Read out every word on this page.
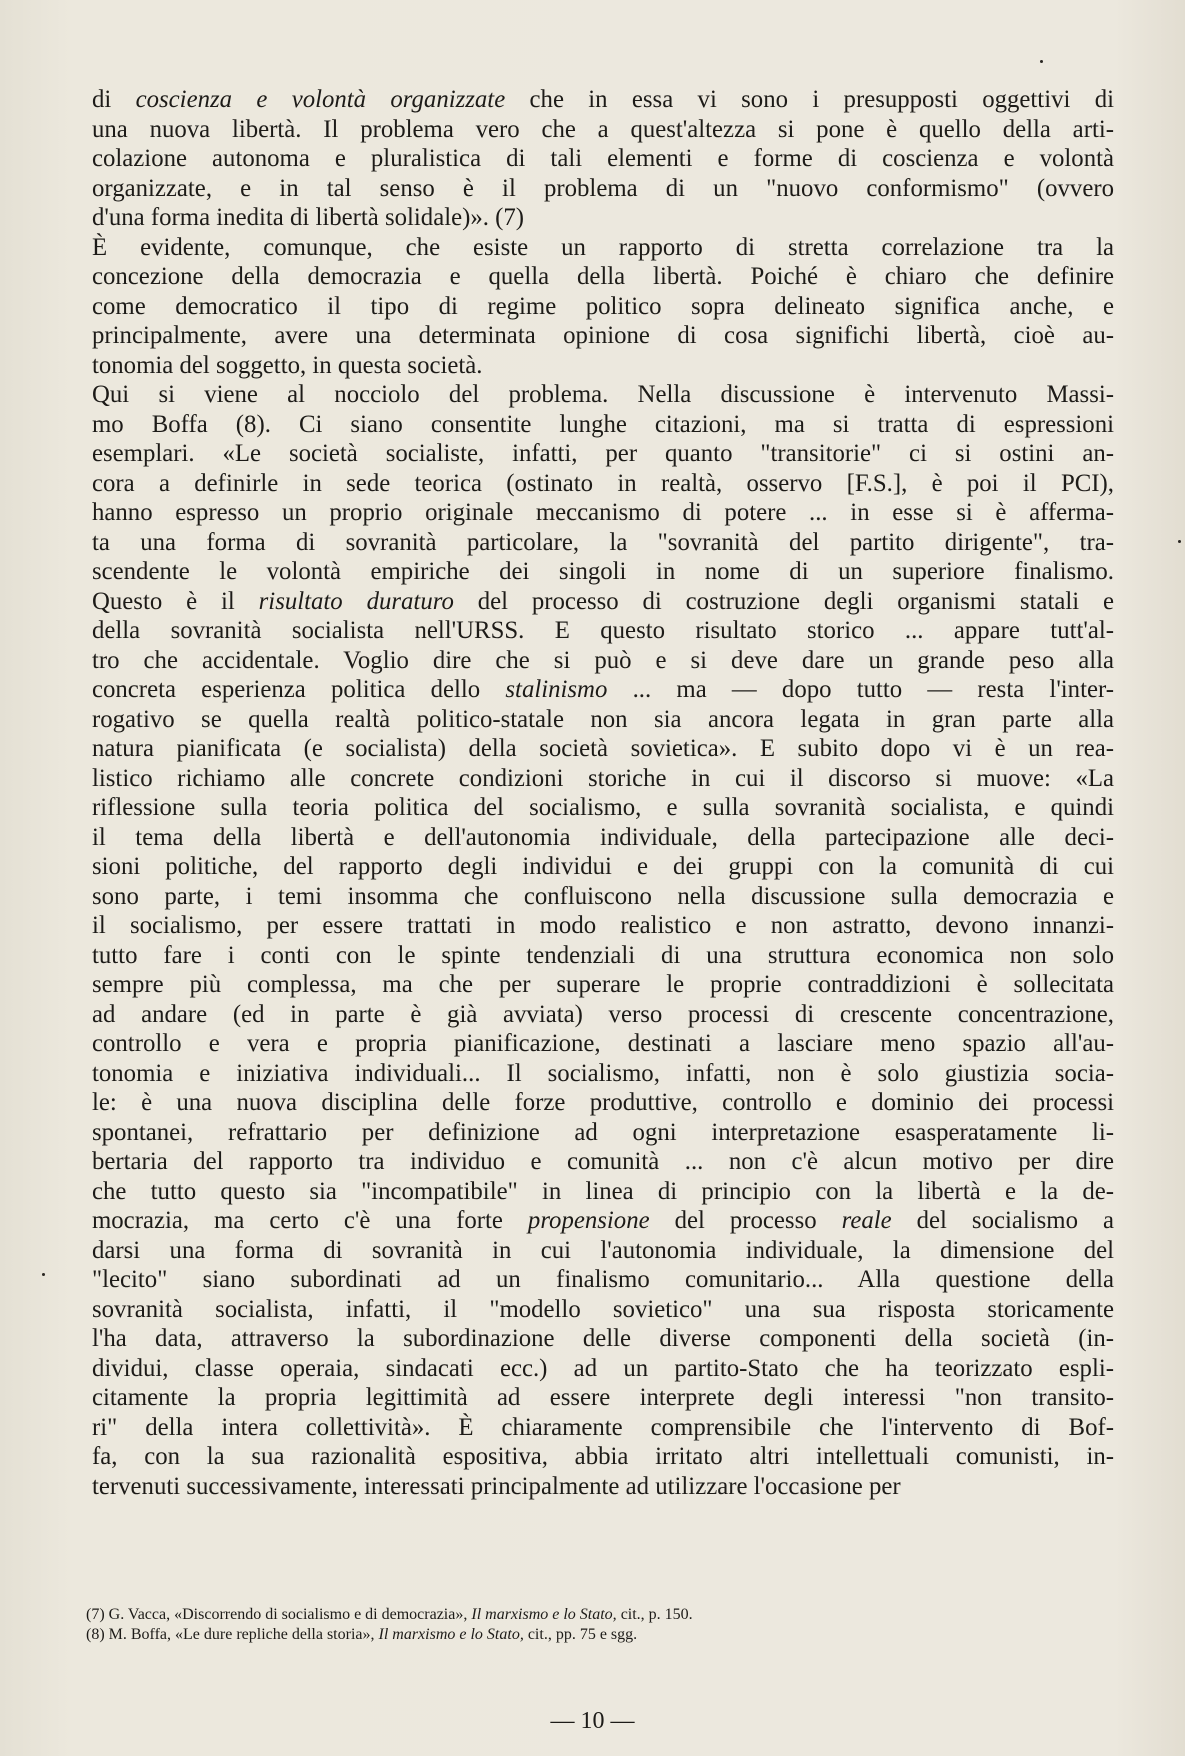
di coscienza e volontà organizzate che in essa vi sono i presupposti oggettivi di
una nuova libertà. Il problema vero che a quest'altezza si pone è quello della arti-
colazione autonoma e pluralistica di tali elementi e forme di coscienza e volontà
organizzate, e in tal senso è il problema di un "nuovo conformismo" (ovvero
d'una forma inedita di libertà solidale)». (7)
È evidente, comunque, che esiste un rapporto di stretta correlazione tra la
concezione della democrazia e quella della libertà. Poiché è chiaro che definire
come democratico il tipo di regime politico sopra delineato significa anche, e
principalmente, avere una determinata opinione di cosa significhi libertà, cioè au-
tonomia del soggetto, in questa società.
Qui si viene al nocciolo del problema. Nella discussione è intervenuto Massi-
mo Boffa (8). Ci siano consentite lunghe citazioni, ma si tratta di espressioni
esemplari. «Le società socialiste, infatti, per quanto "transitorie" ci si ostini an-
cora a definirle in sede teorica (ostinato in realtà, osservo [F.S.], è poi il PCI),
hanno espresso un proprio originale meccanismo di potere ... in esse si è afferma-
ta una forma di sovranità particolare, la "sovranità del partito dirigente", tra-
scendente le volontà empiriche dei singoli in nome di un superiore finalismo.
Questo è il risultato duraturo del processo di costruzione degli organismi statali e
della sovranità socialista nell'URSS. E questo risultato storico ... appare tutt'al-
tro che accidentale. Voglio dire che si può e si deve dare un grande peso alla
concreta esperienza politica dello stalinismo ... ma — dopo tutto — resta l'inter-
rogativo se quella realtà politico-statale non sia ancora legata in gran parte alla
natura pianificata (e socialista) della società sovietica». E subito dopo vi è un rea-
listico richiamo alle concrete condizioni storiche in cui il discorso si muove: «La
riflessione sulla teoria politica del socialismo, e sulla sovranità socialista, e quindi
il tema della libertà e dell'autonomia individuale, della partecipazione alle deci-
sioni politiche, del rapporto degli individui e dei gruppi con la comunità di cui
sono parte, i temi insomma che confluiscono nella discussione sulla democrazia e
il socialismo, per essere trattati in modo realistico e non astratto, devono innanzi-
tutto fare i conti con le spinte tendenziali di una struttura economica non solo
sempre più complessa, ma che per superare le proprie contraddizioni è sollecitata
ad andare (ed in parte è già avviata) verso processi di crescente concentrazione,
controllo e vera e propria pianificazione, destinati a lasciare meno spazio all'au-
tonomia e iniziativa individuali... Il socialismo, infatti, non è solo giustizia socia-
le: è una nuova disciplina delle forze produttive, controllo e dominio dei processi
spontanei, refrattario per definizione ad ogni interpretazione esasperatamente li-
bertaria del rapporto tra individuo e comunità ... non c'è alcun motivo per dire
che tutto questo sia "incompatibile" in linea di principio con la libertà e la de-
mocrazia, ma certo c'è una forte propensione del processo reale del socialismo a
darsi una forma di sovranità in cui l'autonomia individuale, la dimensione del
"lecito" siano subordinati ad un finalismo comunitario... Alla questione della
sovranità socialista, infatti, il "modello sovietico" una sua risposta storicamente
l'ha data, attraverso la subordinazione delle diverse componenti della società (in-
dividui, classe operaia, sindacati ecc.) ad un partito-Stato che ha teorizzato espli-
citamente la propria legittimità ad essere interprete degli interessi "non transito-
ri" della intera collettività». È chiaramente comprensibile che l'intervento di Bof-
fa, con la sua razionalità espositiva, abbia irritato altri intellettuali comunisti, in-
tervenuti successivamente, interessati principalmente ad utilizzare l'occasione per
(7) G. Vacca, «Discorrendo di socialismo e di democrazia», Il marxismo e lo Stato, cit., p. 150.
(8) M. Boffa, «Le dure repliche della storia», Il marxismo e lo Stato, cit., pp. 75 e sgg.
— 10 —
